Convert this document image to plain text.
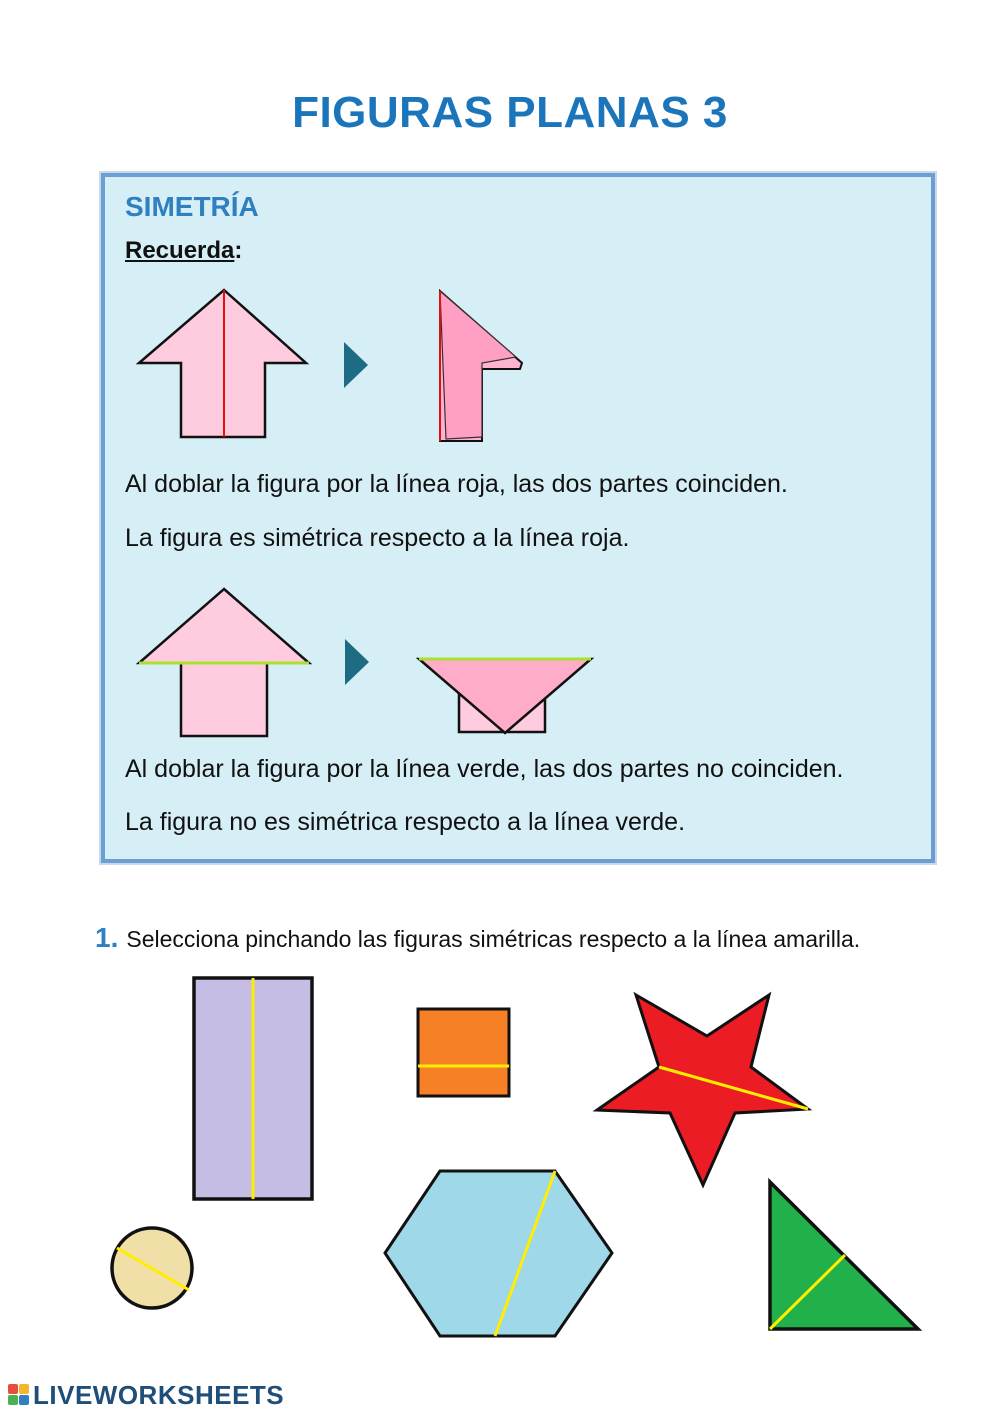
FIGURAS PLANAS 3
SIMETRÍA
Recuerda:
Al doblar la figura por la línea roja, las dos partes coinciden.
La figura es simétrica respecto a la línea roja.
Al doblar la figura por la línea verde, las dos partes no coinciden.
La figura no es simétrica respecto a la línea verde.
1. Selecciona pinchando las figuras simétricas respecto a la línea amarilla.
LIVEWORKSHEETS
